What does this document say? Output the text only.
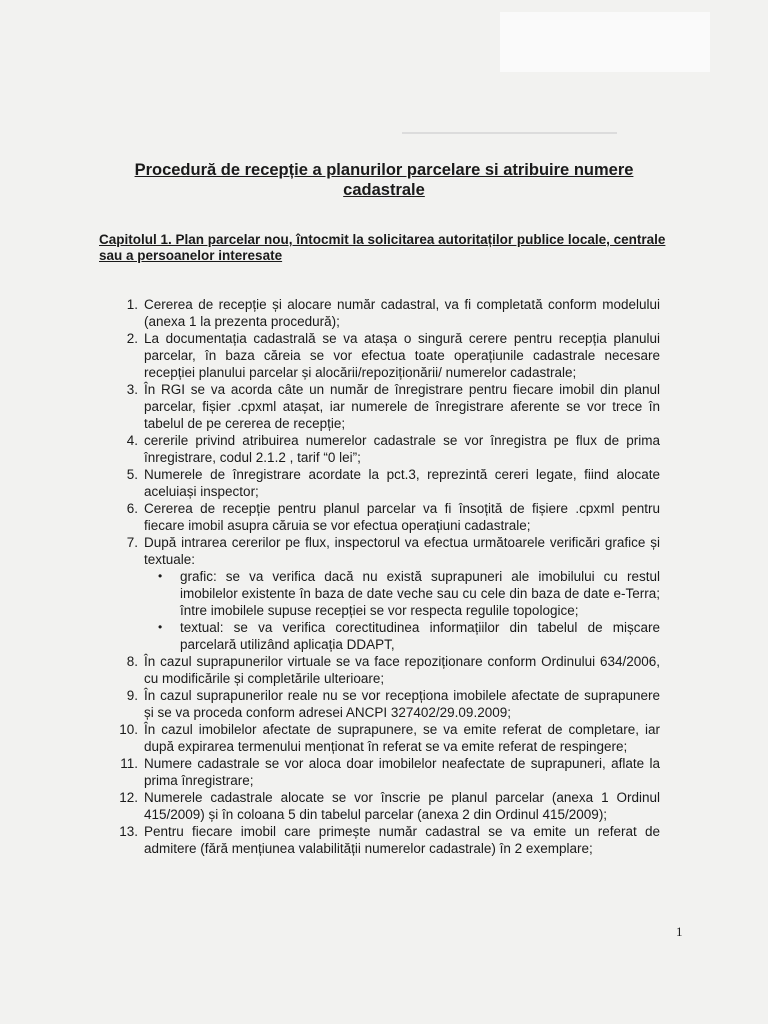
Procedură de recepție a planurilor parcelare si atribuire numere cadastrale
Capitolul 1. Plan parcelar nou, întocmit la solicitarea autoritaților publice locale, centrale sau a persoanelor interesate
1. Cererea de recepție și alocare număr cadastral, va fi completată conform modelului (anexa 1 la prezenta procedură);
2. La documentația cadastrală se va atașa o singură cerere pentru recepția planului parcelar, în baza căreia se vor efectua toate operațiunile cadastrale necesare recepției planului parcelar și alocării/repoziționării/ numerelor cadastrale;
3. În RGI se va acorda câte un număr de înregistrare pentru fiecare imobil din planul parcelar, fișier .cpxml atașat, iar numerele de înregistrare aferente se vor trece în tabelul de pe cererea de recepție;
4. cererile privind atribuirea numerelor cadastrale se vor înregistra pe flux de prima înregistrare, codul 2.1.2 , tarif “0 lei”;
5. Numerele de înregistrare acordate la pct.3, reprezintă cereri legate, fiind alocate aceluiași inspector;
6. Cererea de recepție pentru planul parcelar va fi însoțită de fișiere .cpxml pentru fiecare imobil asupra căruia se vor efectua operațiuni cadastrale;
7. După intrarea cererilor pe flux, inspectorul va efectua următoarele verificări grafice și textuale:
• grafic: se va verifica dacă nu există suprapuneri ale imobilului cu restul imobilelor existente în baza de date veche sau cu cele din baza de date e-Terra; între imobilele supuse recepției se vor respecta regulile topologice;
• textual: se va verifica corectitudinea informațiilor din tabelul de mișcare parcelară utilizând aplicația DDAPT,
8. În cazul suprapunerilor virtuale se va face repoziționare conform Ordinului 634/2006, cu modificările și completările ulterioare;
9. În cazul suprapunerilor reale nu se vor recepționa imobilele afectate de suprapunere și se va proceda conform adresei ANCPI 327402/29.09.2009;
10. În cazul imobilelor afectate de suprapunere, se va emite referat de completare, iar după expirarea termenului menționat în referat se va emite referat de respingere;
11. Numere cadastrale se vor aloca doar imobilelor neafectate de suprapuneri, aflate la prima înregistrare;
12. Numerele cadastrale alocate se vor înscrie pe planul parcelar (anexa 1 Ordinul 415/2009) și în coloana 5 din tabelul parcelar (anexa 2 din Ordinul 415/2009);
13. Pentru fiecare imobil care primește număr cadastral se va emite un referat de admitere (fără mențiunea valabilității numerelor cadastrale) în 2 exemplare;
1
